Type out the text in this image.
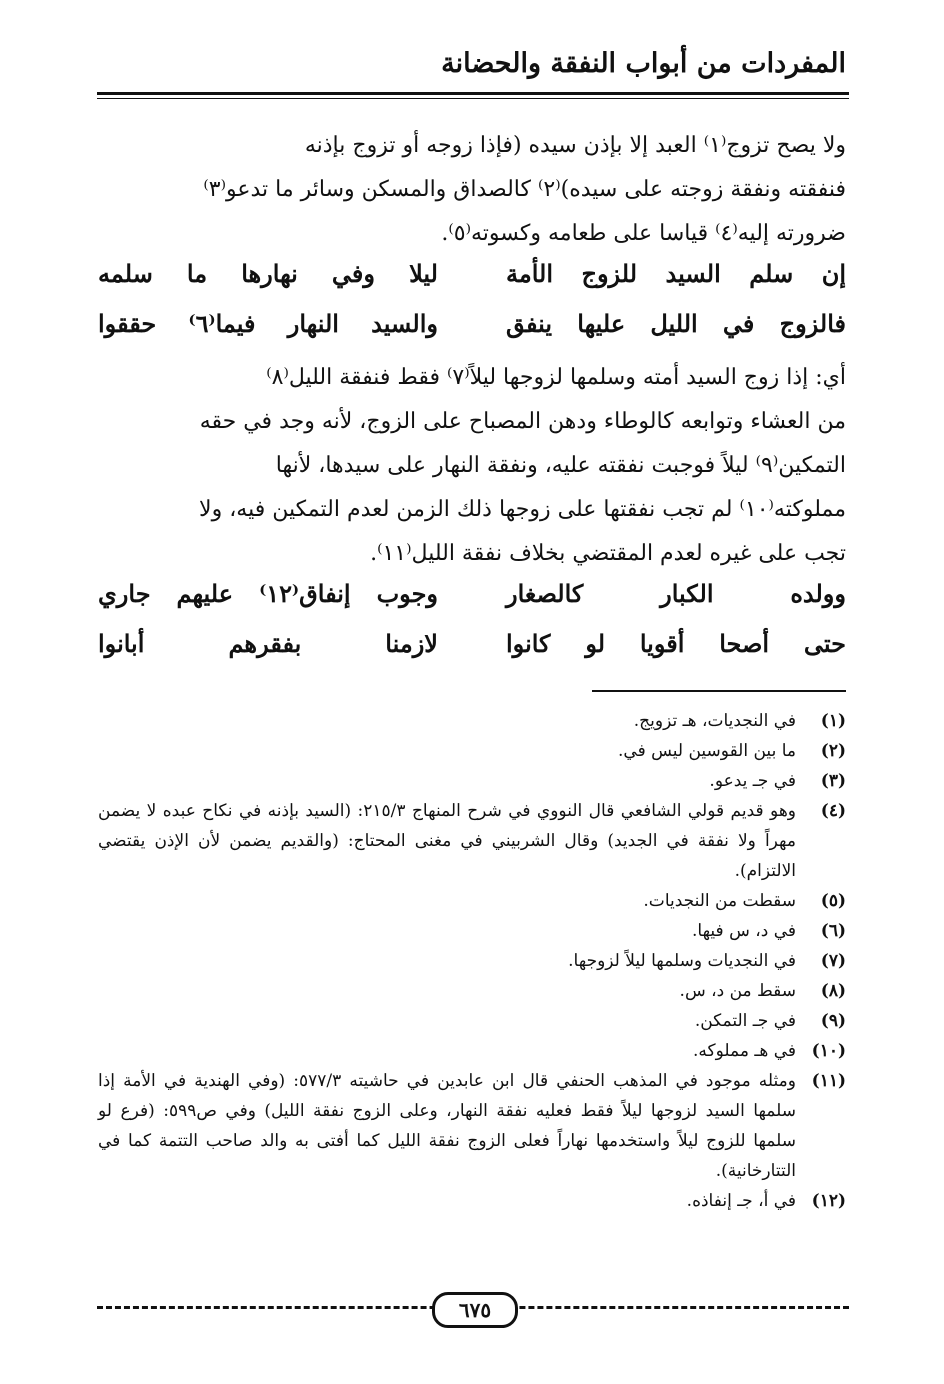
المفردات من أبواب النفقة والحضانة
ولا يصح تزوج⁽١⁾ العبد إلا بإذن سيده (فإذا زوجه أو تزوج بإذنه
فنفقته ونفقة زوجته على سيده)⁽٢⁾ كالصداق والمسكن وسائر ما تدعو⁽٣⁾
ضرورته إليه⁽٤⁾ قياسا على طعامه وكسوته⁽٥⁾.
إن سلم السيد للزوج الأمة
ليلا وفي نهارها ما سلمه
فالزوج في الليل عليها ينفق
والسيد النهار فيما⁽٦⁾ حققوا
أي: إذا زوج السيد أمته وسلمها لزوجها ليلاً⁽٧⁾ فقط فنفقة الليل⁽٨⁾
من العشاء وتوابعه كالوطاء ودهن المصباح على الزوج، لأنه وجد في حقه
التمكين⁽٩⁾ ليلاً فوجبت نفقته عليه، ونفقة النهار على سيدها، لأنها
مملوكته⁽١٠⁾ لم تجب نفقتها على زوجها ذلك الزمن لعدم التمكين فيه، ولا
تجب على غيره لعدم المقتضي بخلاف نفقة الليل⁽١١⁾.
وولده الكبار كالصغار
وجوب إنفاق⁽١٢⁾ عليهم جاري
حتى أصحا أقويا لو كانوا
لازمنا بفقرهم أبانوا
(١)
في النجديات، هـ تزويج.
(٢)
ما بين القوسين ليس في.
(٣)
في جـ يدعو.
(٤)
وهو قديم قولي الشافعي قال النووي في شرح المنهاج ٢١٥/٣: (السيد بإذنه في نكاح عبده لا يضمن مهراً ولا نفقة في الجديد) وقال الشربيني في مغنى المحتاج: (والقديم يضمن لأن الإذن يقتضي الالتزام).
(٥)
سقطت من النجديات.
(٦)
في د، س فيها.
(٧)
في النجديات وسلمها ليلاً لزوجها.
(٨)
سقط من د، س.
(٩)
في جـ التمكن.
(١٠)
في هـ مملوكه.
(١١)
ومثله موجود في المذهب الحنفي قال ابن عابدين في حاشيته ٥٧٧/٣: (وفي الهندية في الأمة إذا سلمها السيد لزوجها ليلاً فقط فعليه نفقة النهار، وعلى الزوج نفقة الليل) وفي ص٥٩٩: (فرع لو سلمها للزوج ليلاً واستخدمها نهاراً فعلى الزوج نفقة الليل كما أفتى به والد صاحب التتمة كما في التتارخانية).
(١٢)
في أ، جـ إنفاذه.
٦٧٥
